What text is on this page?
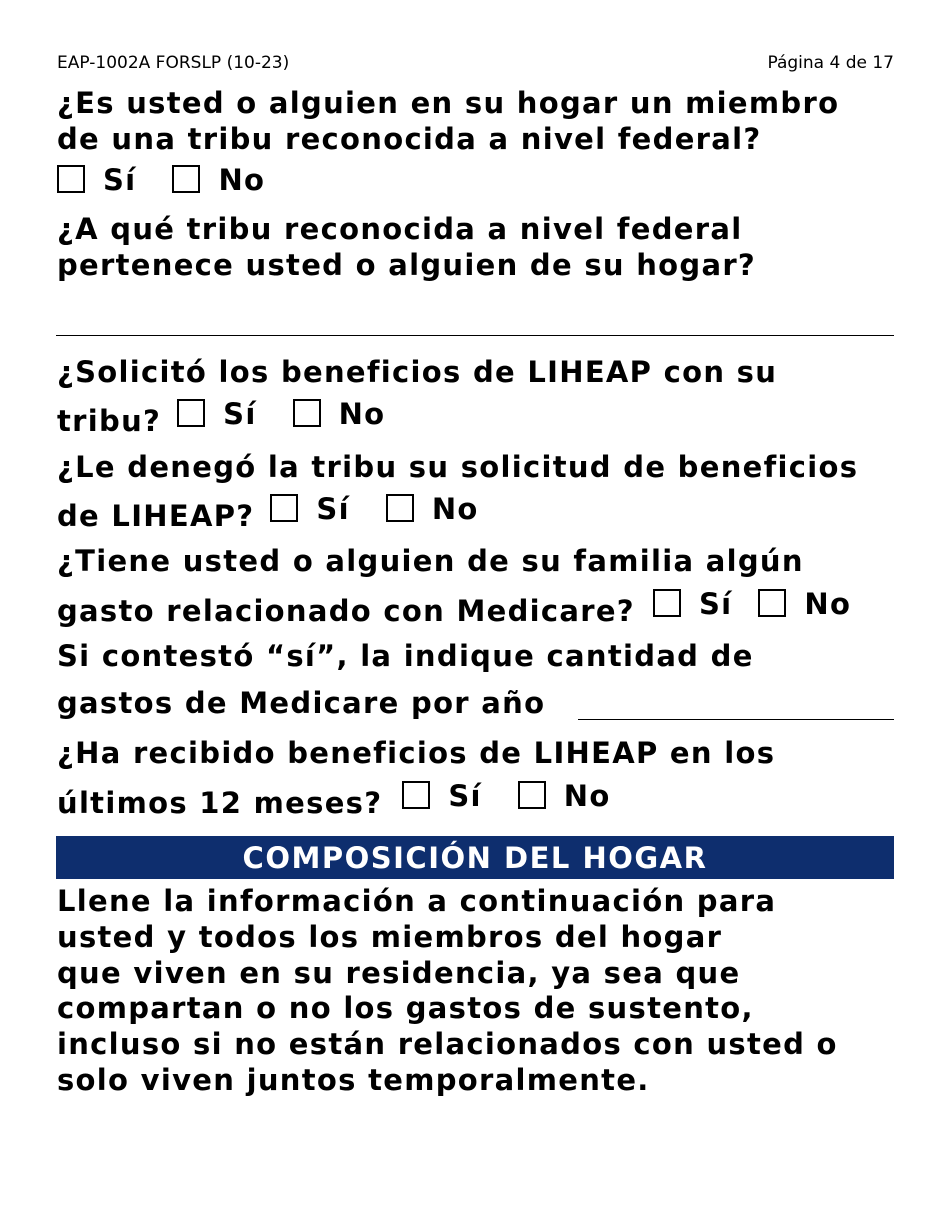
EAP-1002A FORSLP (10-23)	Página 4 de 17
¿Es usted o alguien en su hogar un miembro
de una tribu reconocida a nivel federal?
Sí	No
¿A qué tribu reconocida a nivel federal
pertenece usted o alguien de su hogar?
¿Solicitó los beneficios de LIHEAP con su
tribu? Sí	No
¿Le denegó la tribu su solicitud de beneficios
de LIHEAP? Sí	No
¿Tiene usted o alguien de su familia algún
gasto relacionado con Medicare? Sí No
Si contestó “sí”, la indique cantidad de
gastos de Medicare por año
¿Ha recibido beneficios de LIHEAP en los
últimos 12 meses? Sí	No
COMPOSICIÓN DEL HOGAR
Llene la información a continuación para
usted y todos los miembros del hogar
que viven en su residencia, ya sea que
compartan o no los gastos de sustento,
incluso si no están relacionados con usted o
solo viven juntos temporalmente.
